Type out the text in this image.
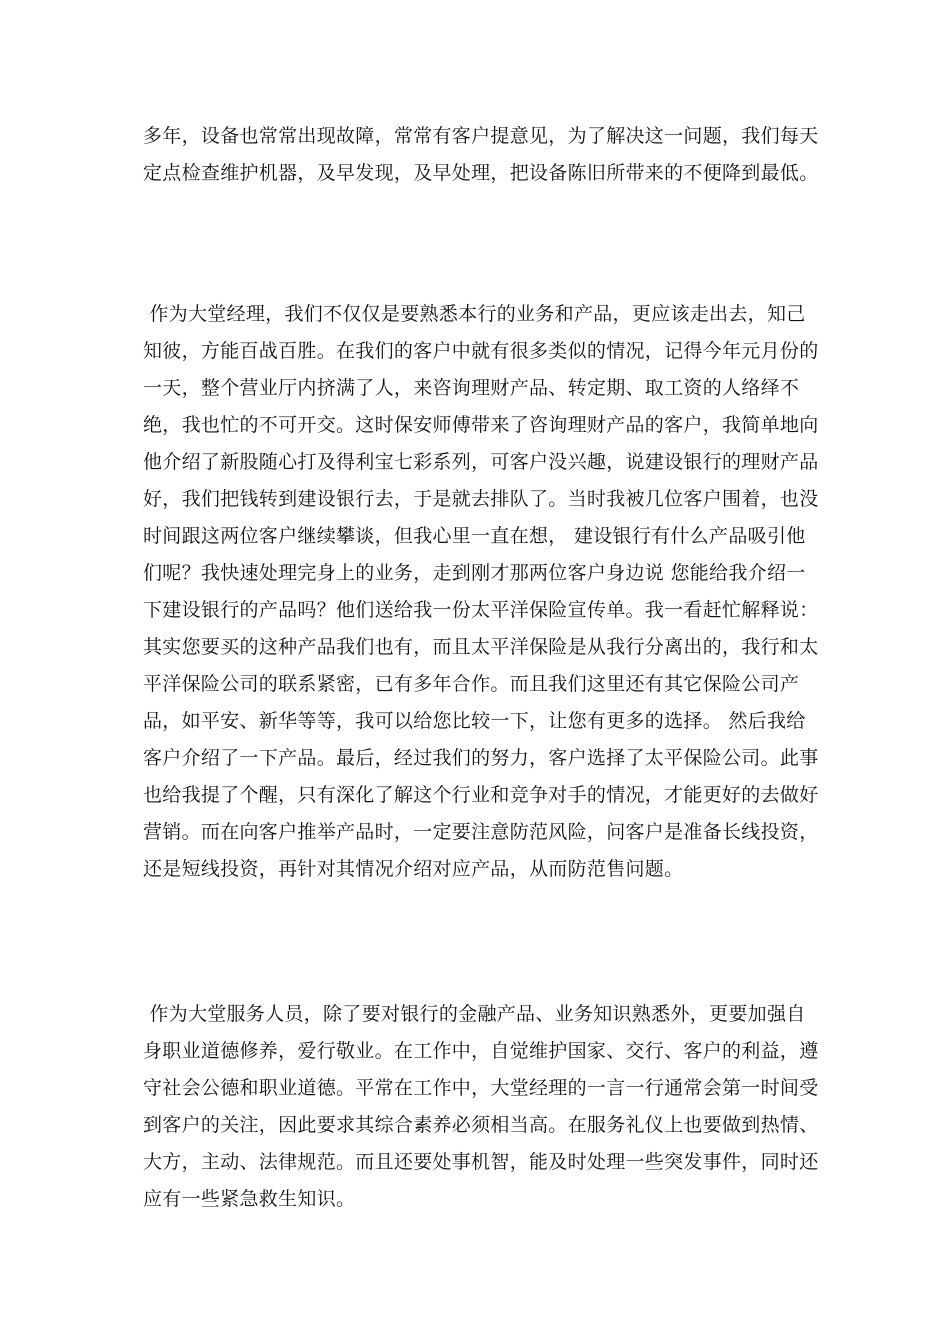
多年，设备也常常出现故障，常常有客户提意见，为了解决这一问题，我们每天定点检查维护机器，及早发现，及早处理，把设备陈旧所带来的不便降到最低。

作为大堂经理，我们不仅仅是要熟悉本行的业务和产品，更应该走出去，知己知彼，方能百战百胜。在我们的客户中就有很多类似的情况，记得今年元月份的一天，整个营业厅内挤满了人，来咨询理财产品、转定期、取工资的人络绎不绝，我也忙的不可开交。这时保安师傅带来了咨询理财产品的客户，我简单地向他介绍了新股随心打及得利宝七彩系列，可客户没兴趣，说建设银行的理财产品好，我们把钱转到建设银行去，于是就去排队了。当时我被几位客户围着，也没时间跟这两位客户继续攀谈，但我心里一直在想， 建设银行有什么产品吸引他们呢？我快速处理完身上的业务，走到刚才那两位客户身边说 您能给我介绍一下建设银行的产品吗？他们送给我一份太平洋保险宣传单。我一看赶忙解释说： 其实您要买的这种产品我们也有，而且太平洋保险是从我行分离出的，我行和太平洋保险公司的联系紧密，已有多年合作。而且我们这里还有其它保险公司产品，如平安、新华等等，我可以给您比较一下，让您有更多的选择。 然后我给客户介绍了一下产品。最后，经过我们的努力，客户选择了太平保险公司。此事也给我提了个醒，只有深化了解这个行业和竞争对手的情况，才能更好的去做好营销。而在向客户推举产品时，一定要注意防范风险，问客户是准备长线投资，还是短线投资，再针对其情况介绍对应产品，从而防范售问题。

作为大堂服务人员，除了要对银行的金融产品、业务知识熟悉外，更要加强自身职业道德修养，爱行敬业。在工作中，自觉维护国家、交行、客户的利益，遵守社会公德和职业道德。平常在工作中，大堂经理的一言一行通常会第一时间受到客户的关注，因此要求其综合素养必须相当高。在服务礼仪上也要做到热情、大方，主动、法律规范。而且还要处事机智，能及时处理一些突发事件，同时还应有一些紧急救生知识。
